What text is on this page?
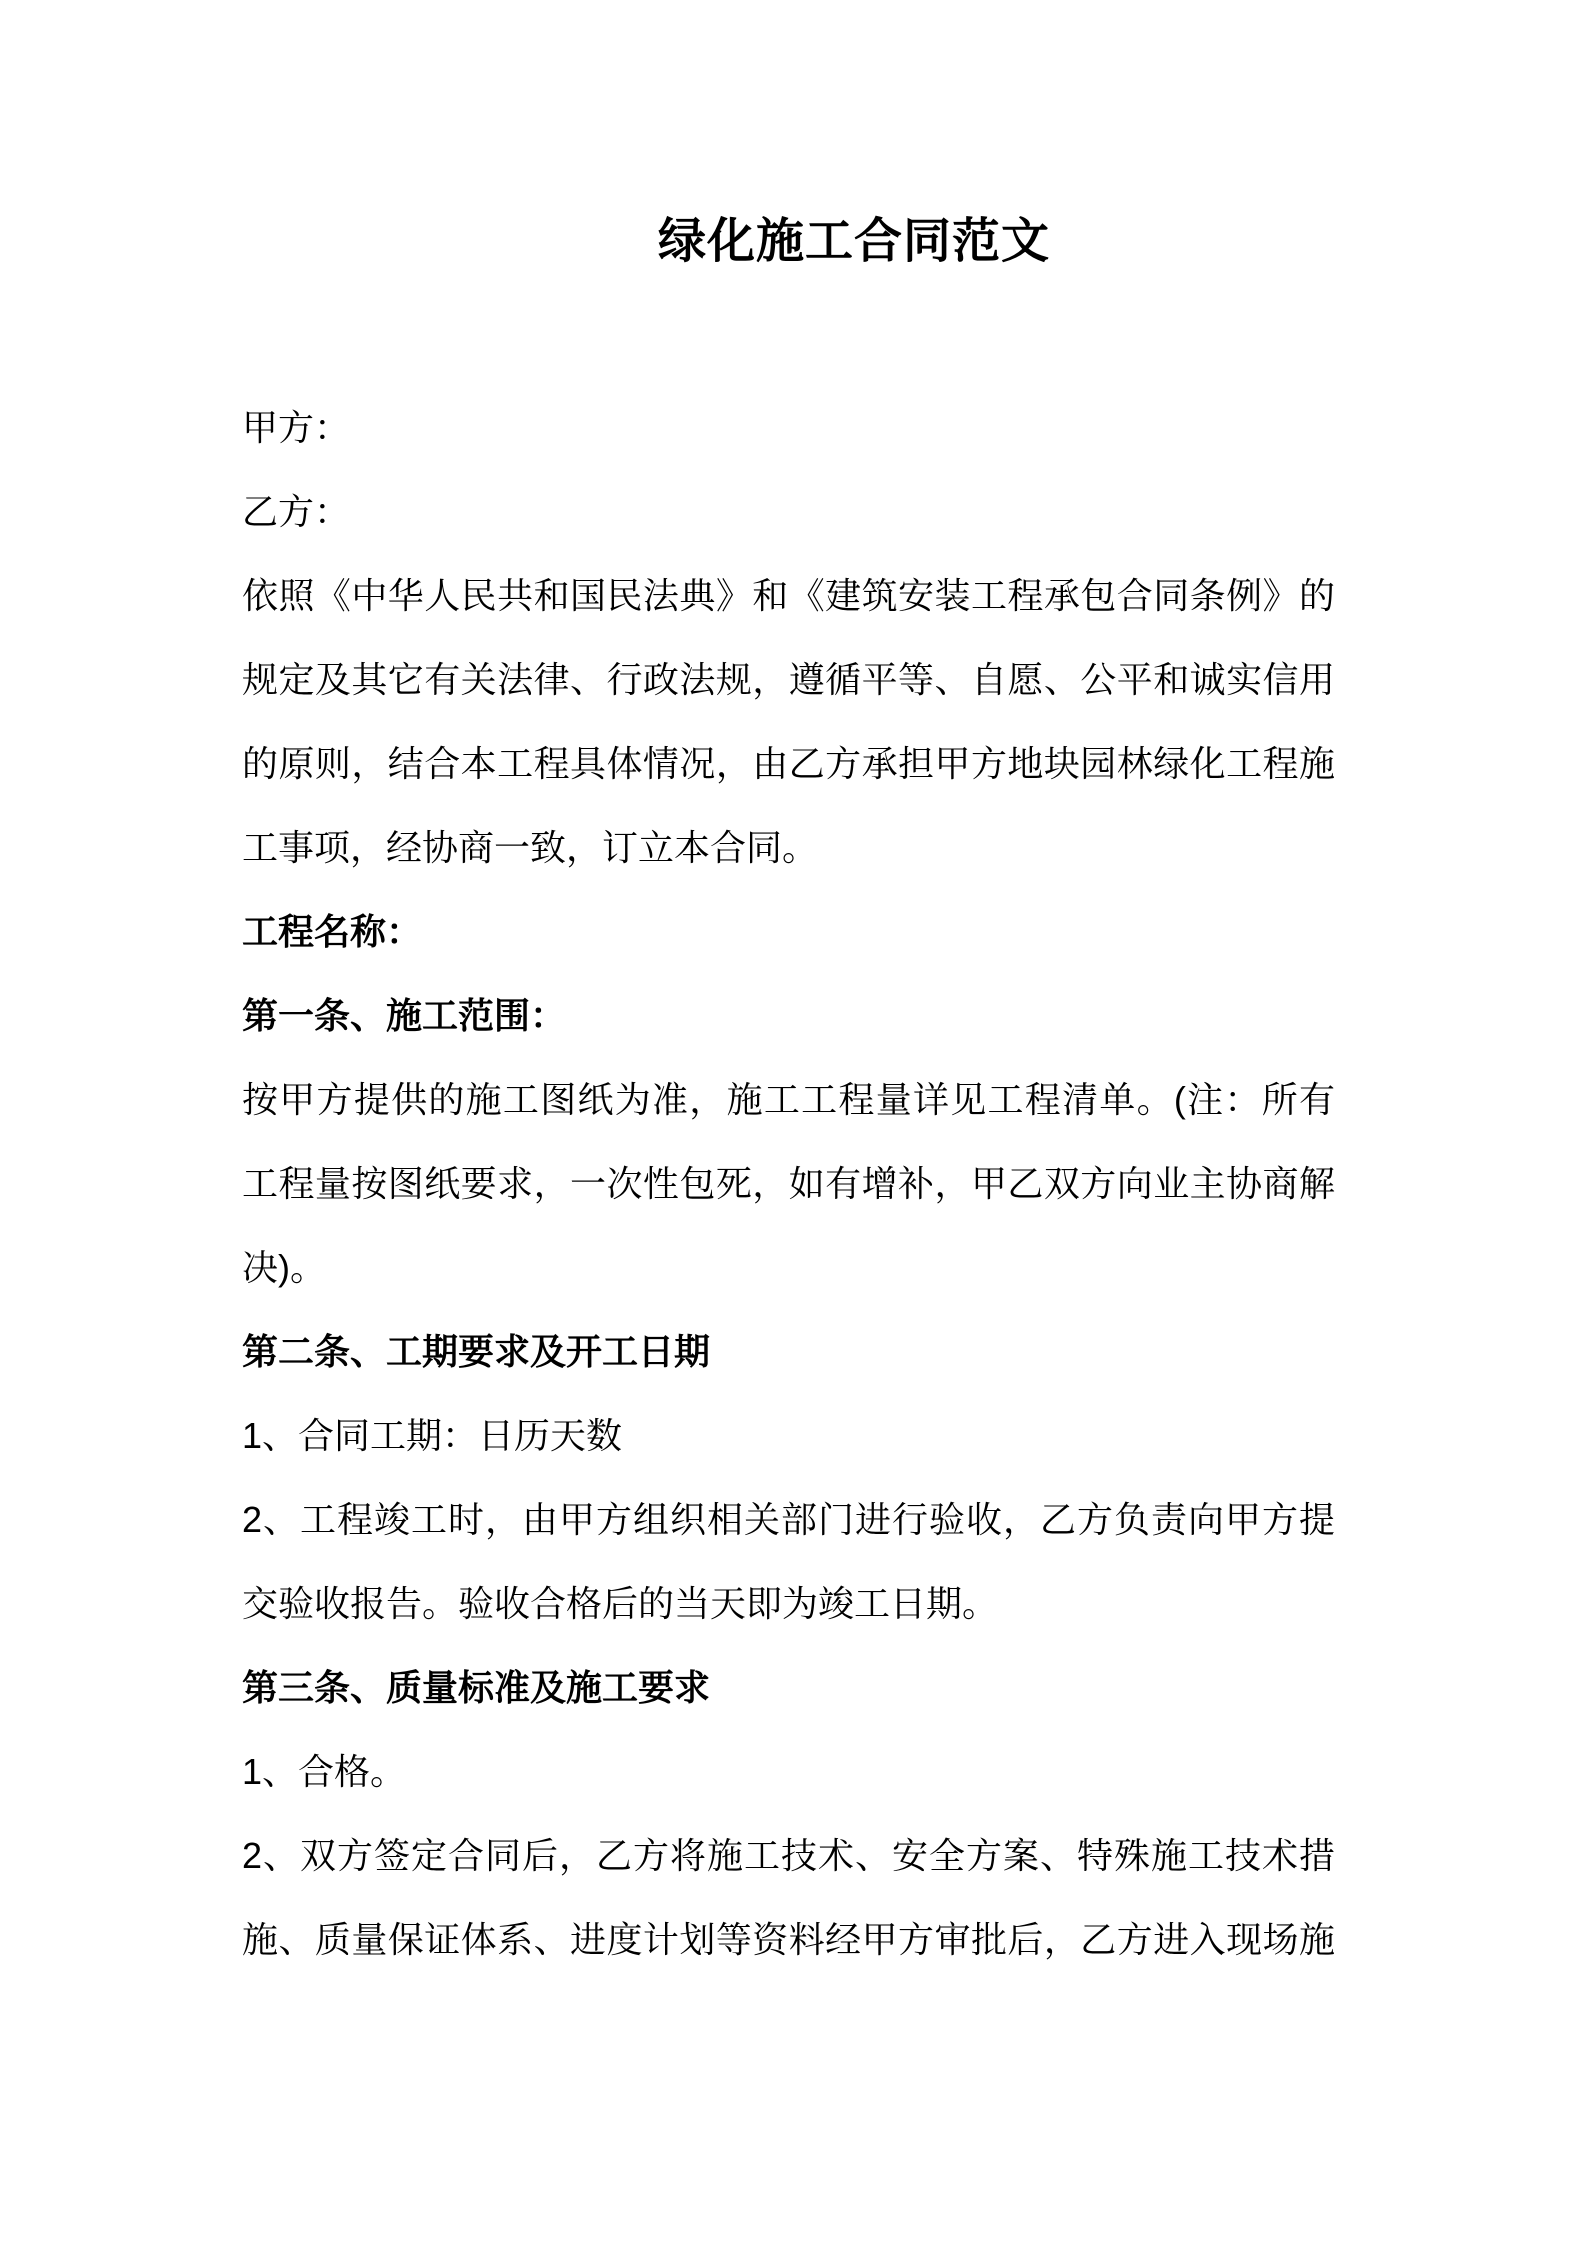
绿化施工合同范文
甲方：
乙方：
依照《中华人民共和国民法典》和《建筑安装工程承包合同条例》的
规定及其它有关法律、行政法规，遵循平等、自愿、公平和诚实信用
的原则，结合本工程具体情况，由乙方承担甲方地块园林绿化工程施
工事项，经协商一致，订立本合同。
工程名称：
第一条、施工范围：
按甲方提供的施工图纸为准，施工工程量详见工程清单。(注：所有
工程量按图纸要求，一次性包死，如有增补，甲乙双方向业主协商解
决)。
第二条、工期要求及开工日期
1、合同工期：日历天数
2、工程竣工时，由甲方组织相关部门进行验收，乙方负责向甲方提
交验收报告。验收合格后的当天即为竣工日期。
第三条、质量标准及施工要求
1、合格。
2、双方签定合同后，乙方将施工技术、安全方案、特殊施工技术措
施、质量保证体系、进度计划等资料经甲方审批后，乙方进入现场施
